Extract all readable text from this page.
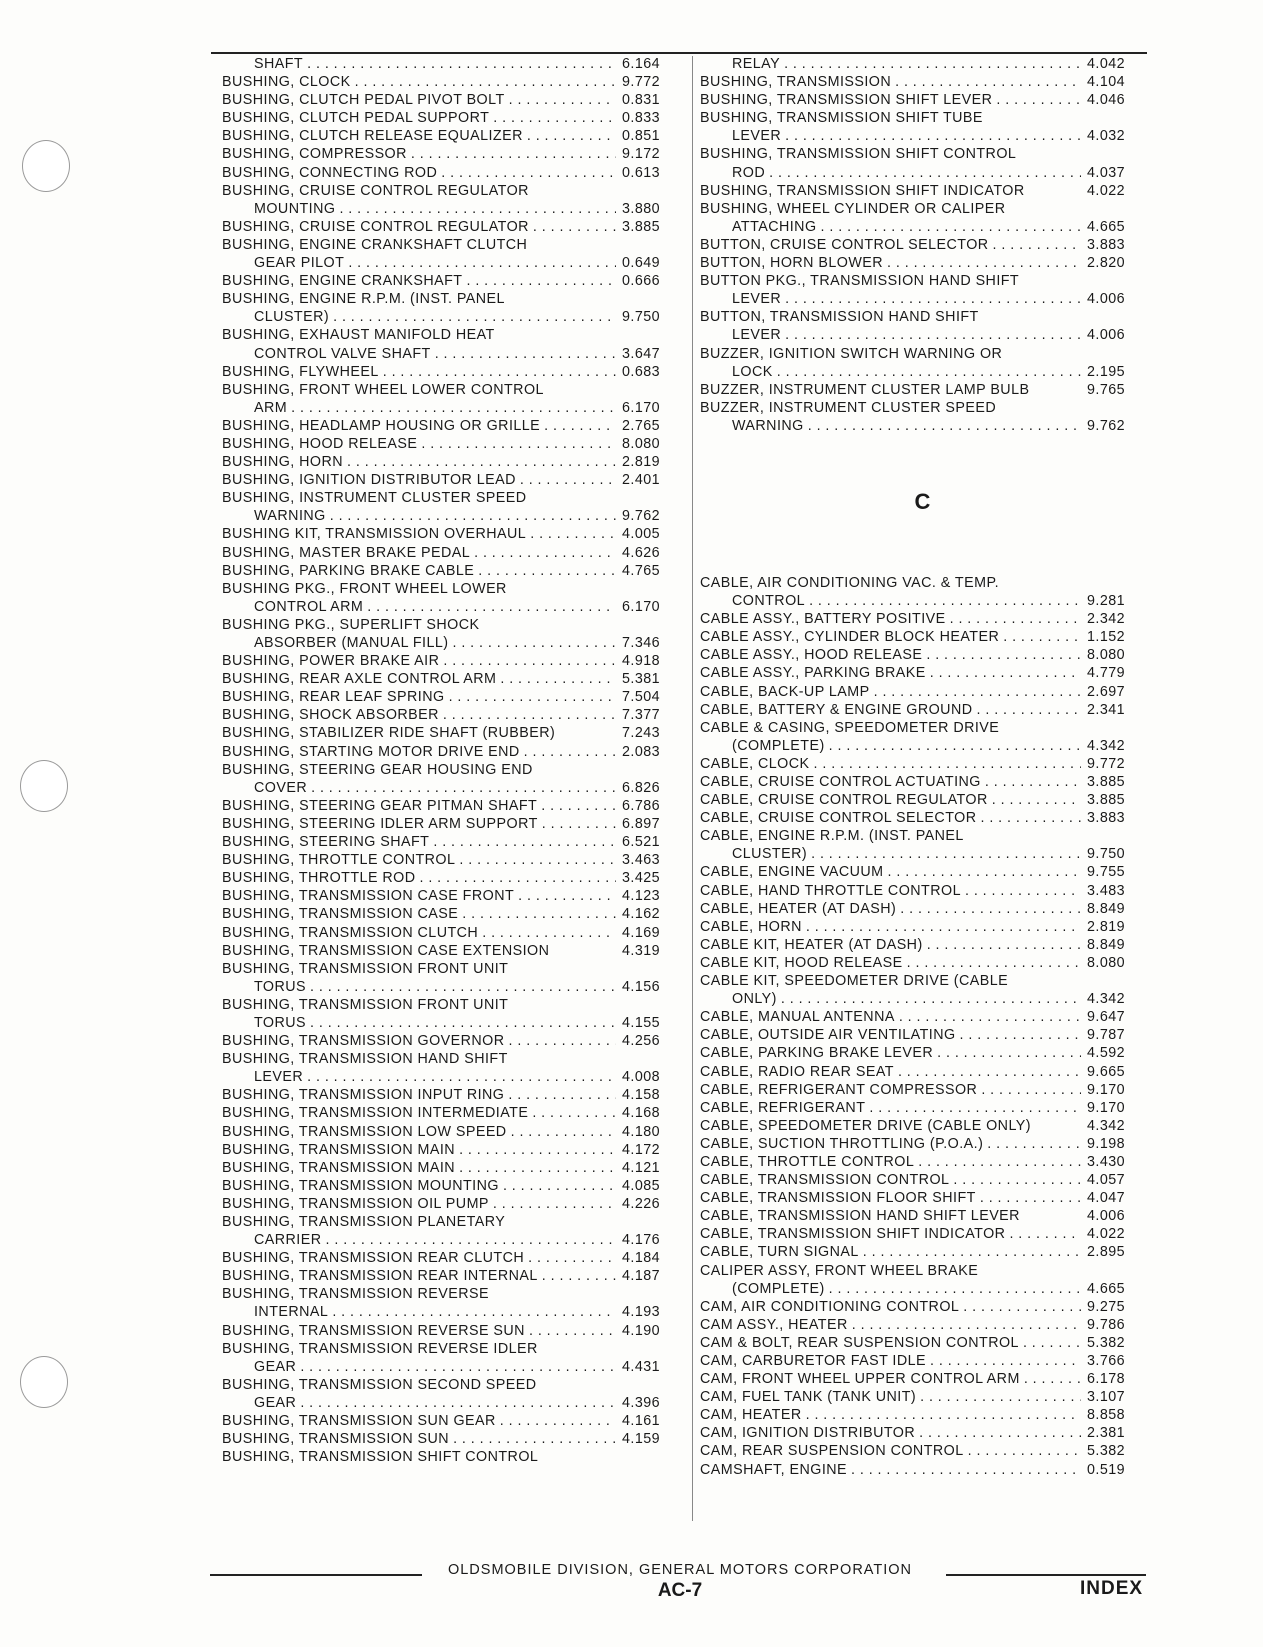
SHAFT . . .	6.164
BUSHING, CLOCK . . .	9.772
BUSHING, CLUTCH PEDAL PIVOT BOLT . . .	0.831
BUSHING, CLUTCH PEDAL SUPPORT . . .	0.833
BUSHING, CLUTCH RELEASE EQUALIZER . . .	0.851
BUSHING, COMPRESSOR . . .	9.172
BUSHING, CONNECTING ROD . . .	0.613
BUSHING, CRUISE CONTROL REGULATOR
MOUNTING . . .	3.880
BUSHING, CRUISE CONTROL REGULATOR . . .	3.885
BUSHING, ENGINE CRANKSHAFT CLUTCH
GEAR PILOT . . .	0.649
BUSHING, ENGINE CRANKSHAFT . . .	0.666
BUSHING, ENGINE R.P.M. (INST. PANEL
CLUSTER) . . .	9.750
BUSHING, EXHAUST MANIFOLD HEAT
CONTROL VALVE SHAFT . . .	3.647
BUSHING, FLYWHEEL . . .	0.683
BUSHING, FRONT WHEEL LOWER CONTROL
ARM . . .	6.170
BUSHING, HEADLAMP HOUSING OR GRILLE . . .	2.765
BUSHING, HOOD RELEASE . . .	8.080
BUSHING, HORN . . .	2.819
BUSHING, IGNITION DISTRIBUTOR LEAD . . .	2.401
BUSHING, INSTRUMENT CLUSTER SPEED
WARNING . . .	9.762
BUSHING KIT, TRANSMISSION OVERHAUL . . .	4.005
BUSHING, MASTER BRAKE PEDAL . . .	4.626
BUSHING, PARKING BRAKE CABLE . . .	4.765
BUSHING PKG., FRONT WHEEL LOWER
CONTROL ARM . . .	6.170
BUSHING PKG., SUPERLIFT SHOCK
ABSORBER (MANUAL FILL) . . .	7.346
BUSHING, POWER BRAKE AIR . . .	4.918
BUSHING, REAR AXLE CONTROL ARM . . .	5.381
BUSHING, REAR LEAF SPRING . . .	7.504
BUSHING, SHOCK ABSORBER . . .	7.377
BUSHING, STABILIZER RIDE SHAFT (RUBBER)	7.243
BUSHING, STARTING MOTOR DRIVE END . . .	2.083
BUSHING, STEERING GEAR HOUSING END
COVER . . .	6.826
BUSHING, STEERING GEAR PITMAN SHAFT . . .	6.786
BUSHING, STEERING IDLER ARM SUPPORT . . .	6.897
BUSHING, STEERING SHAFT . . .	6.521
BUSHING, THROTTLE CONTROL . . .	3.463
BUSHING, THROTTLE ROD . . .	3.425
BUSHING, TRANSMISSION CASE FRONT . . .	4.123
BUSHING, TRANSMISSION CASE . . .	4.162
BUSHING, TRANSMISSION CLUTCH . . .	4.169
BUSHING, TRANSMISSION CASE EXTENSION	4.319
BUSHING, TRANSMISSION FRONT UNIT
TORUS . . .	4.156
BUSHING, TRANSMISSION FRONT UNIT
TORUS . . .	4.155
BUSHING, TRANSMISSION GOVERNOR . . .	4.256
BUSHING, TRANSMISSION HAND SHIFT
LEVER . . .	4.008
BUSHING, TRANSMISSION INPUT RING . . .	4.158
BUSHING, TRANSMISSION INTERMEDIATE . . .	4.168
BUSHING, TRANSMISSION LOW SPEED . . .	4.180
BUSHING, TRANSMISSION MAIN . . .	4.172
BUSHING, TRANSMISSION MAIN . . .	4.121
BUSHING, TRANSMISSION MOUNTING . . .	4.085
BUSHING, TRANSMISSION OIL PUMP . . .	4.226
BUSHING, TRANSMISSION PLANETARY
CARRIER . . .	4.176
BUSHING, TRANSMISSION REAR CLUTCH . . .	4.184
BUSHING, TRANSMISSION REAR INTERNAL . . .	4.187
BUSHING, TRANSMISSION REVERSE
INTERNAL . . .	4.193
BUSHING, TRANSMISSION REVERSE SUN . . .	4.190
BUSHING, TRANSMISSION REVERSE IDLER
GEAR . . .	4.431
BUSHING, TRANSMISSION SECOND SPEED
GEAR . . .	4.396
BUSHING, TRANSMISSION SUN GEAR . . .	4.161
BUSHING, TRANSMISSION SUN . . .	4.159
BUSHING, TRANSMISSION SHIFT CONTROL
RELAY . . .	4.042
BUSHING, TRANSMISSION . . .	4.104
BUSHING, TRANSMISSION SHIFT LEVER . . .	4.046
BUSHING, TRANSMISSION SHIFT TUBE
LEVER . . .	4.032
BUSHING, TRANSMISSION SHIFT CONTROL
ROD . . .	4.037
BUSHING, TRANSMISSION SHIFT INDICATOR	4.022
BUSHING, WHEEL CYLINDER OR CALIPER
ATTACHING . . .	4.665
BUTTON, CRUISE CONTROL SELECTOR . . .	3.883
BUTTON, HORN BLOWER . . .	2.820
BUTTON PKG., TRANSMISSION HAND SHIFT
LEVER . . .	4.006
BUTTON, TRANSMISSION HAND SHIFT
LEVER . . .	4.006
BUZZER, IGNITION SWITCH WARNING OR
LOCK . . .	2.195
BUZZER, INSTRUMENT CLUSTER LAMP BULB	9.765
BUZZER, INSTRUMENT CLUSTER SPEED
WARNING . . .	9.762
C
CABLE, AIR CONDITIONING VAC. & TEMP.
CONTROL . . .	9.281
CABLE ASSY., BATTERY POSITIVE . . .	2.342
CABLE ASSY., CYLINDER BLOCK HEATER . . .	1.152
CABLE ASSY., HOOD RELEASE . . .	8.080
CABLE ASSY., PARKING BRAKE . . .	4.779
CABLE, BACK-UP LAMP . . .	2.697
CABLE, BATTERY & ENGINE GROUND . . .	2.341
CABLE & CASING, SPEEDOMETER DRIVE
(COMPLETE) . . .	4.342
CABLE, CLOCK . . .	9.772
CABLE, CRUISE CONTROL ACTUATING . . .	3.885
CABLE, CRUISE CONTROL REGULATOR . . .	3.885
CABLE, CRUISE CONTROL SELECTOR . . .	3.883
CABLE, ENGINE R.P.M. (INST. PANEL
CLUSTER) . . .	9.750
CABLE, ENGINE VACUUM . . .	9.755
CABLE, HAND THROTTLE CONTROL . . .	3.483
CABLE, HEATER (AT DASH) . . .	8.849
CABLE, HORN . . .	2.819
CABLE KIT, HEATER (AT DASH) . . .	8.849
CABLE KIT, HOOD RELEASE . . .	8.080
CABLE KIT, SPEEDOMETER DRIVE (CABLE
ONLY) . . .	4.342
CABLE, MANUAL ANTENNA . . .	9.647
CABLE, OUTSIDE AIR VENTILATING . . .	9.787
CABLE, PARKING BRAKE LEVER . . .	4.592
CABLE, RADIO REAR SEAT . . .	9.665
CABLE, REFRIGERANT COMPRESSOR . . .	9.170
CABLE, REFRIGERANT . . .	9.170
CABLE, SPEEDOMETER DRIVE (CABLE ONLY)	4.342
CABLE, SUCTION THROTTLING (P.O.A.) . . .	9.198
CABLE, THROTTLE CONTROL . . .	3.430
CABLE, TRANSMISSION CONTROL . . .	4.057
CABLE, TRANSMISSION FLOOR SHIFT . . .	4.047
CABLE, TRANSMISSION HAND SHIFT LEVER	4.006
CABLE, TRANSMISSION SHIFT INDICATOR . . .	4.022
CABLE, TURN SIGNAL . . .	2.895
CALIPER ASSY, FRONT WHEEL BRAKE
(COMPLETE) . . .	4.665
CAM, AIR CONDITIONING CONTROL . . .	9.275
CAM ASSY., HEATER . . .	9.786
CAM & BOLT, REAR SUSPENSION CONTROL . . .	5.382
CAM, CARBURETOR FAST IDLE . . .	3.766
CAM, FRONT WHEEL UPPER CONTROL ARM . . .	6.178
CAM, FUEL TANK (TANK UNIT) . . .	3.107
CAM, HEATER . . .	8.858
CAM, IGNITION DISTRIBUTOR . . .	2.381
CAM, REAR SUSPENSION CONTROL . . .	5.382
CAMSHAFT, ENGINE . . .	0.519
OLDSMOBILE DIVISION, GENERAL MOTORS CORPORATION
AC-7	INDEX
